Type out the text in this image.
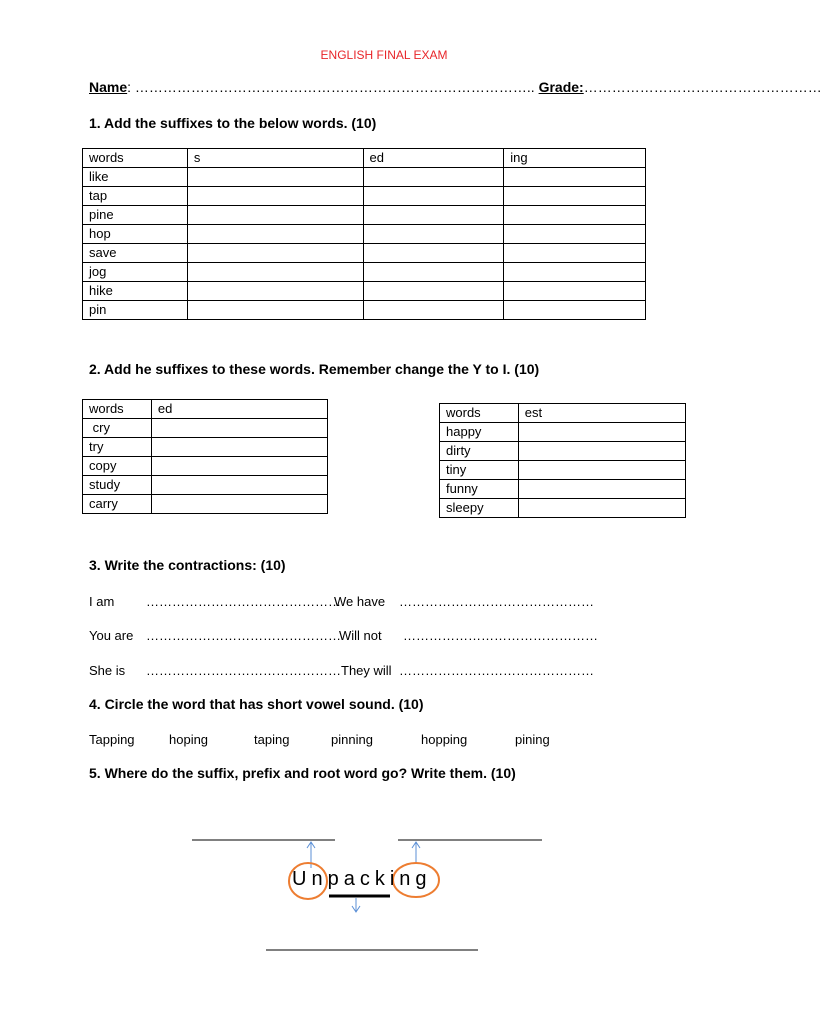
ENGLISH FINAL EXAM
Name: ………………………………………………………………………….. Grade:……………………………………………
1. Add the suffixes to the below words. (10)
words	s	ed	ing
like			
tap			
pine			
hop			
save			
jog			
hike			
pin			
2. Add he suffixes to these words. Remember change the Y to I. (10)
words	ed
cry	
try	
copy	
study	
carry	
words	est
happy	
dirty	
tiny	
funny	
sleepy	
3. Write the contractions: (10)
I am ………………………………………
We have ………………………………………
You are ………………………………………
Will not ………………………………………
She is ……………………………………… They will ………………………………………
4. Circle the word that has short vowel sound. (10)
Tapping	hoping	taping	pinning	hopping	pining
5. Where do the suffix, prefix and root word go? Write them. (10)
Unpacking
